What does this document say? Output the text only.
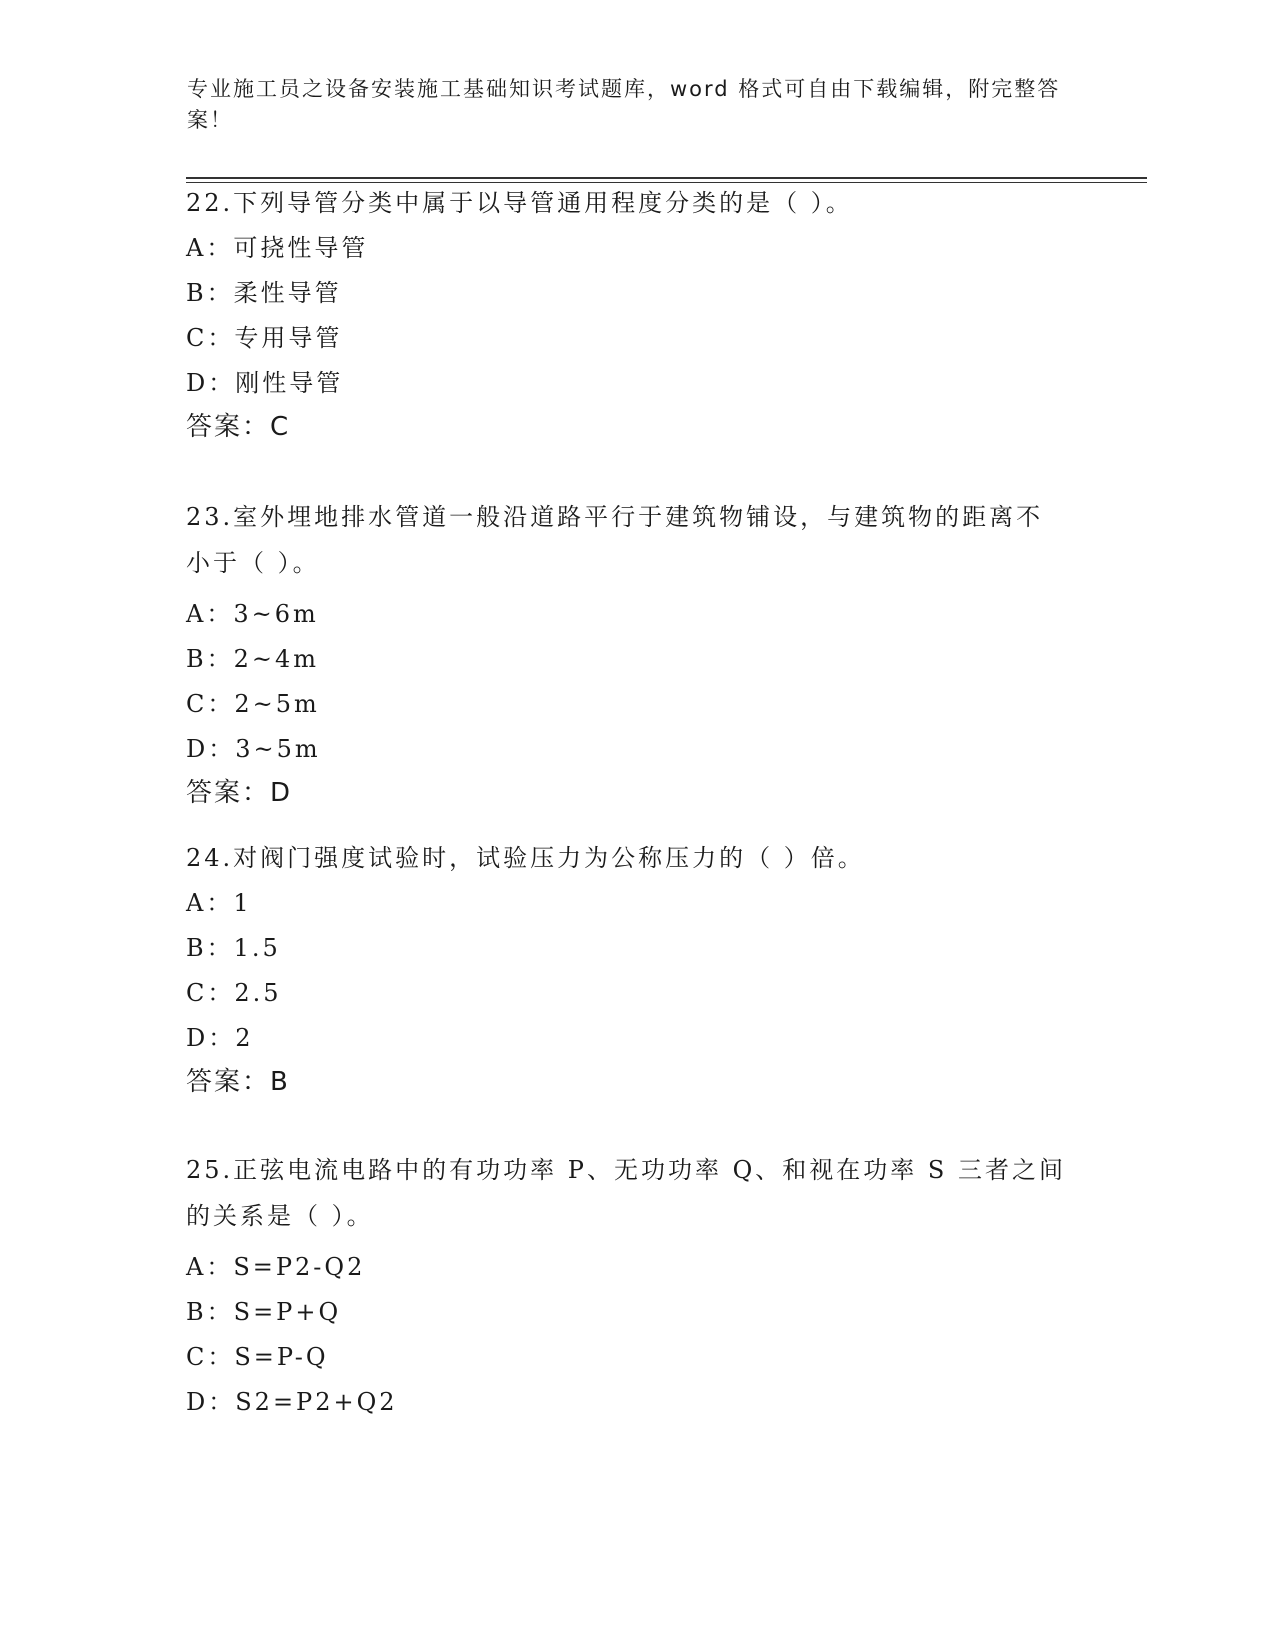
专业施工员之设备安装施工基础知识考试题库，word 格式可自由下载编辑，附完整答案！
22.下列导管分类中属于以导管通用程度分类的是（ ）。
A：可挠性导管
B：柔性导管
C：专用导管
D：刚性导管
答案：C
23.室外埋地排水管道一般沿道路平行于建筑物铺设，与建筑物的距离不小于（ ）。
A：3~6m
B：2~4m
C：2~5m
D：3~5m
答案：D
24.对阀门强度试验时，试验压力为公称压力的（ ）倍。
A：1
B：1.5
C：2.5
D：2
答案：B
25.正弦电流电路中的有功功率 P、无功功率 Q、和视在功率 S 三者之间的关系是（ ）。
A：S=P2-Q2
B：S=P+Q
C：S=P-Q
D：S2=P2+Q2
